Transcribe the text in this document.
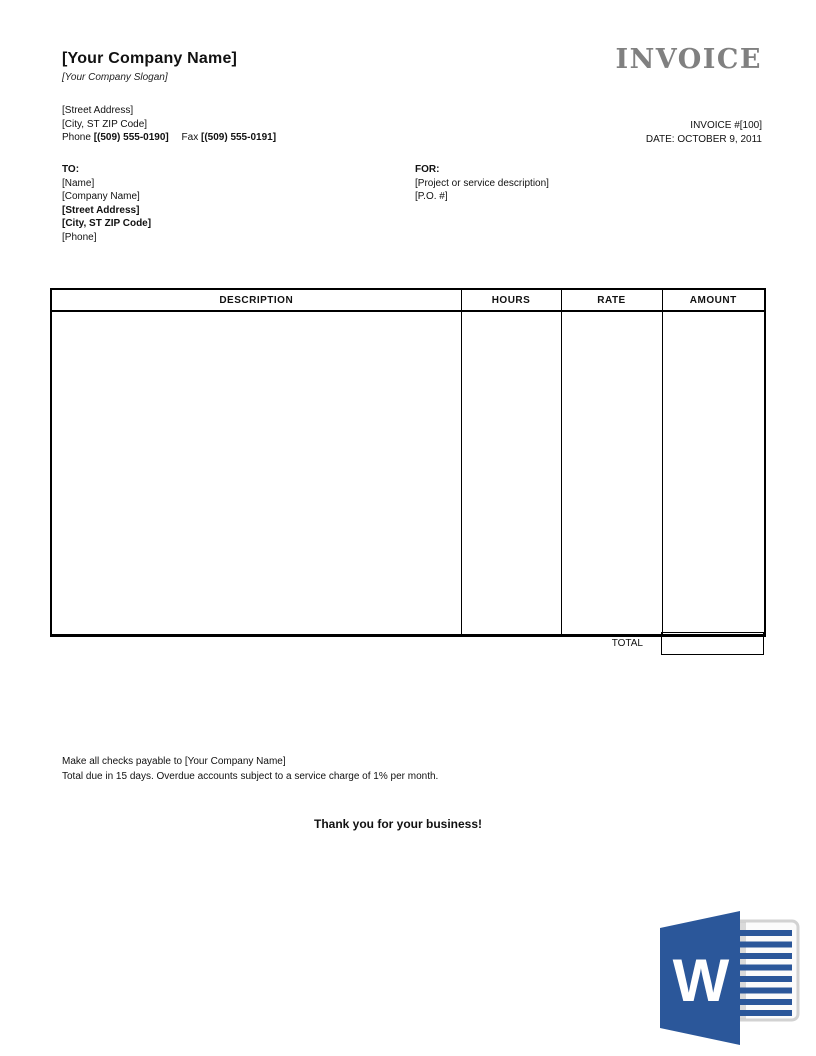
[Your Company Name]
[Your Company Slogan]
[Street Address]
[City, ST ZIP Code]
Phone [(509) 555-0190] Fax [(509) 555-0191]
INVOICE
INVOICE #[100]
DATE: OCTOBER 9, 2011
TO:
[Name]
[Company Name]
[Street Address]
[City, ST ZIP Code]
[Phone]
FOR:
[Project or service description]
[P.O. #]
DESCRIPTION	HOURS	RATE	AMOUNT

TOTAL
Make all checks payable to [Your Company Name]
Total due in 15 days. Overdue accounts subject to a service charge of 1% per month.
Thank you for your business!
W
